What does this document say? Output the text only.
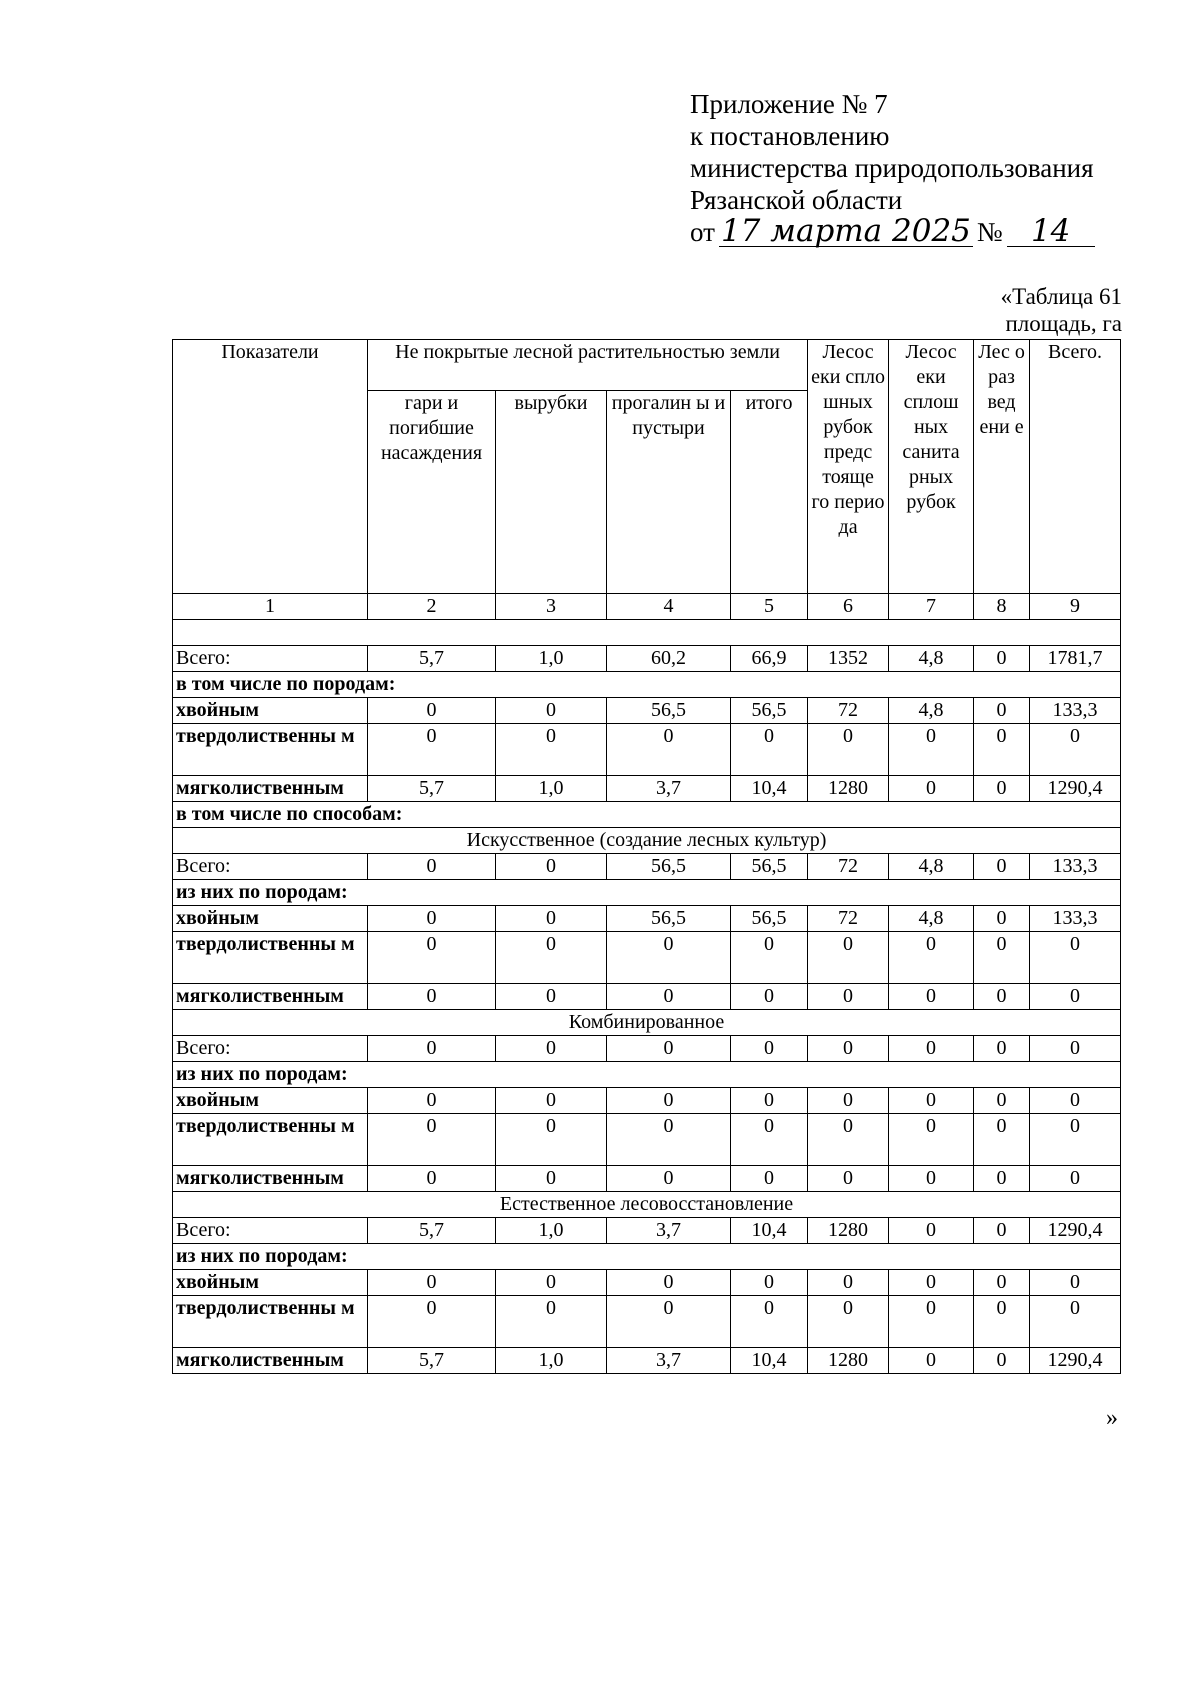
Приложение № 7
к постановлению
министерства природопользования
Рязанской области
от 17 марта 2025 № 14
«Таблица 61
площадь, га
Показатели	Не покрытые лесной растительностью земли				Лесос еки спло шных рубок предс тояще го перио да	Лесос еки сплош ных санита рных рубок	Лес о раз вед ени е	Всего.
	гари и погибшие насаждения	вырубки	прогалин ы и пустыри	итого				
1	2	3	4	5	6	7	8	9

Всего:	5,7	1,0	60,2	66,9	1352	4,8	0	1781,7
в том числе по породам:								
хвойным	0	0	56,5	56,5	72	4,8	0	133,3
твердолиственны м	0	0	0	0	0	0	0	0
мягколиственным	5,7	1,0	3,7	10,4	1280	0	0	1290,4
в том числе по способам:								
Искусственное (создание лесных культур)								
Всего:	0	0	56,5	56,5	72	4,8	0	133,3
из них по породам:								
хвойным	0	0	56,5	56,5	72	4,8	0	133,3
твердолиственны м	0	0	0	0	0	0	0	0
мягколиственным	0	0	0	0	0	0	0	0
Комбинированное								
Всего:	0	0	0	0	0	0	0	0
из них по породам:								
хвойным	0	0	0	0	0	0	0	0
твердолиственны м	0	0	0	0	0	0	0	0
мягколиственным	0	0	0	0	0	0	0	0
Естественное лесовосстановление								
Всего:	5,7	1,0	3,7	10,4	1280	0	0	1290,4
из них по породам:								
хвойным	0	0	0	0	0	0	0	0
твердолиственны м	0	0	0	0	0	0	0	0
мягколиственным	5,7	1,0	3,7	10,4	1280	0	0	1290,4
»
